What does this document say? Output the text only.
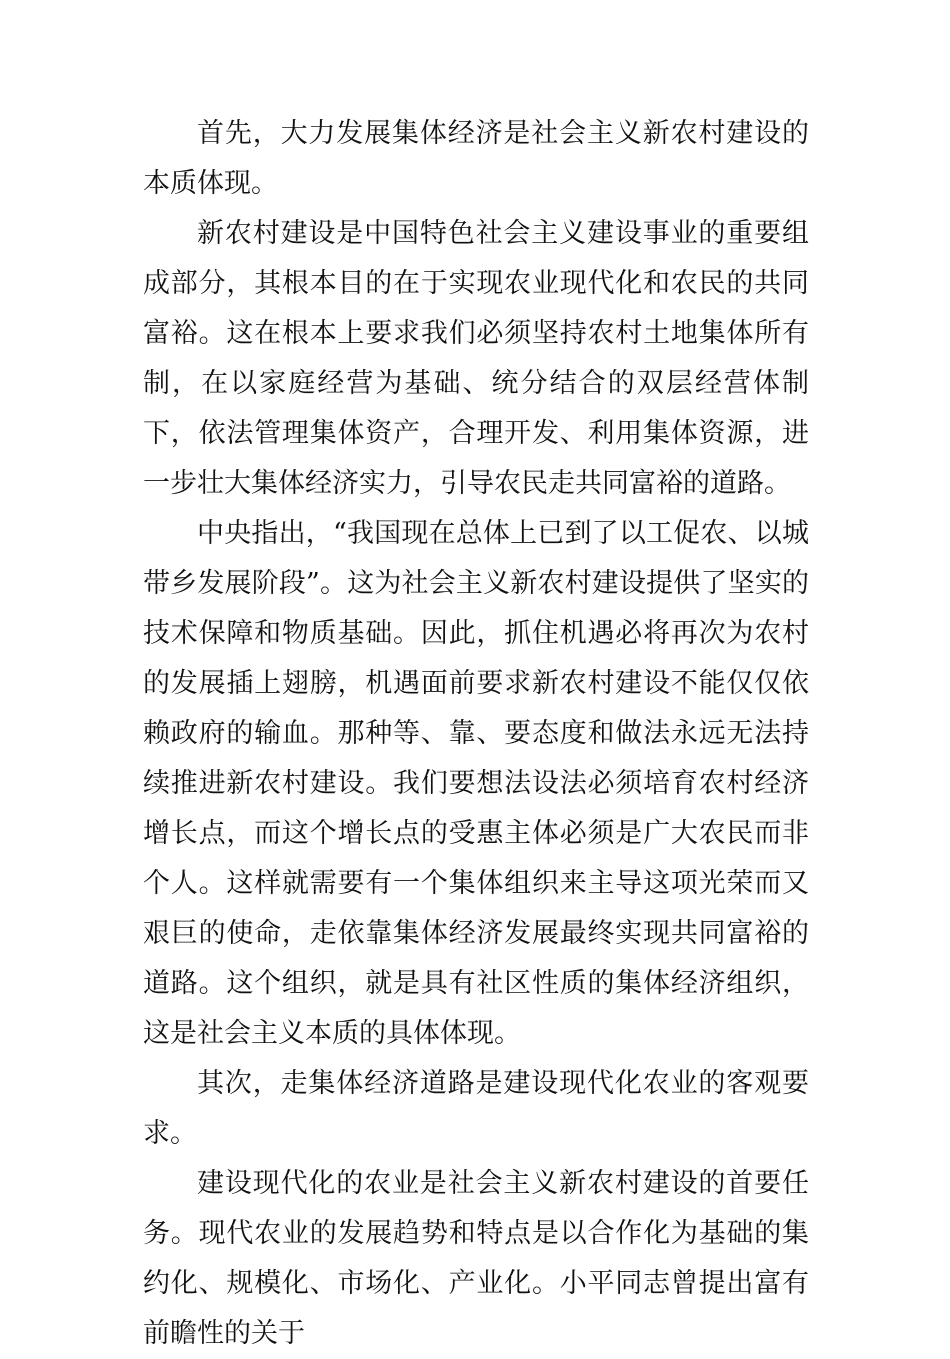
首先，大力发展集体经济是社会主义新农村建设的本质体现。

新农村建设是中国特色社会主义建设事业的重要组成部分，其根本目的在于实现农业现代化和农民的共同富裕。这在根本上要求我们必须坚持农村土地集体所有制，在以家庭经营为基础、统分结合的双层经营体制下，依法管理集体资产，合理开发、利用集体资源，进一步壮大集体经济实力，引导农民走共同富裕的道路。

中央指出，“我国现在总体上已到了以工促农、以城带乡发展阶段”。这为社会主义新农村建设提供了坚实的技术保障和物质基础。因此，抓住机遇必将再次为农村的发展插上翅膀，机遇面前要求新农村建设不能仅仅依赖政府的输血。那种等、靠、要态度和做法永远无法持续推进新农村建设。我们要想法设法必须培育农村经济增长点，而这个增长点的受惠主体必须是广大农民而非个人。这样就需要有一个集体组织来主导这项光荣而又艰巨的使命，走依靠集体经济发展最终实现共同富裕的道路。这个组织，就是具有社区性质的集体经济组织，这是社会主义本质的具体体现。

其次，走集体经济道路是建设现代化农业的客观要求。

建设现代化的农业是社会主义新农村建设的首要任务。现代农业的发展趋势和特点是以合作化为基础的集约化、规模化、市场化、产业化。小平同志曾提出富有前瞻性的关于
